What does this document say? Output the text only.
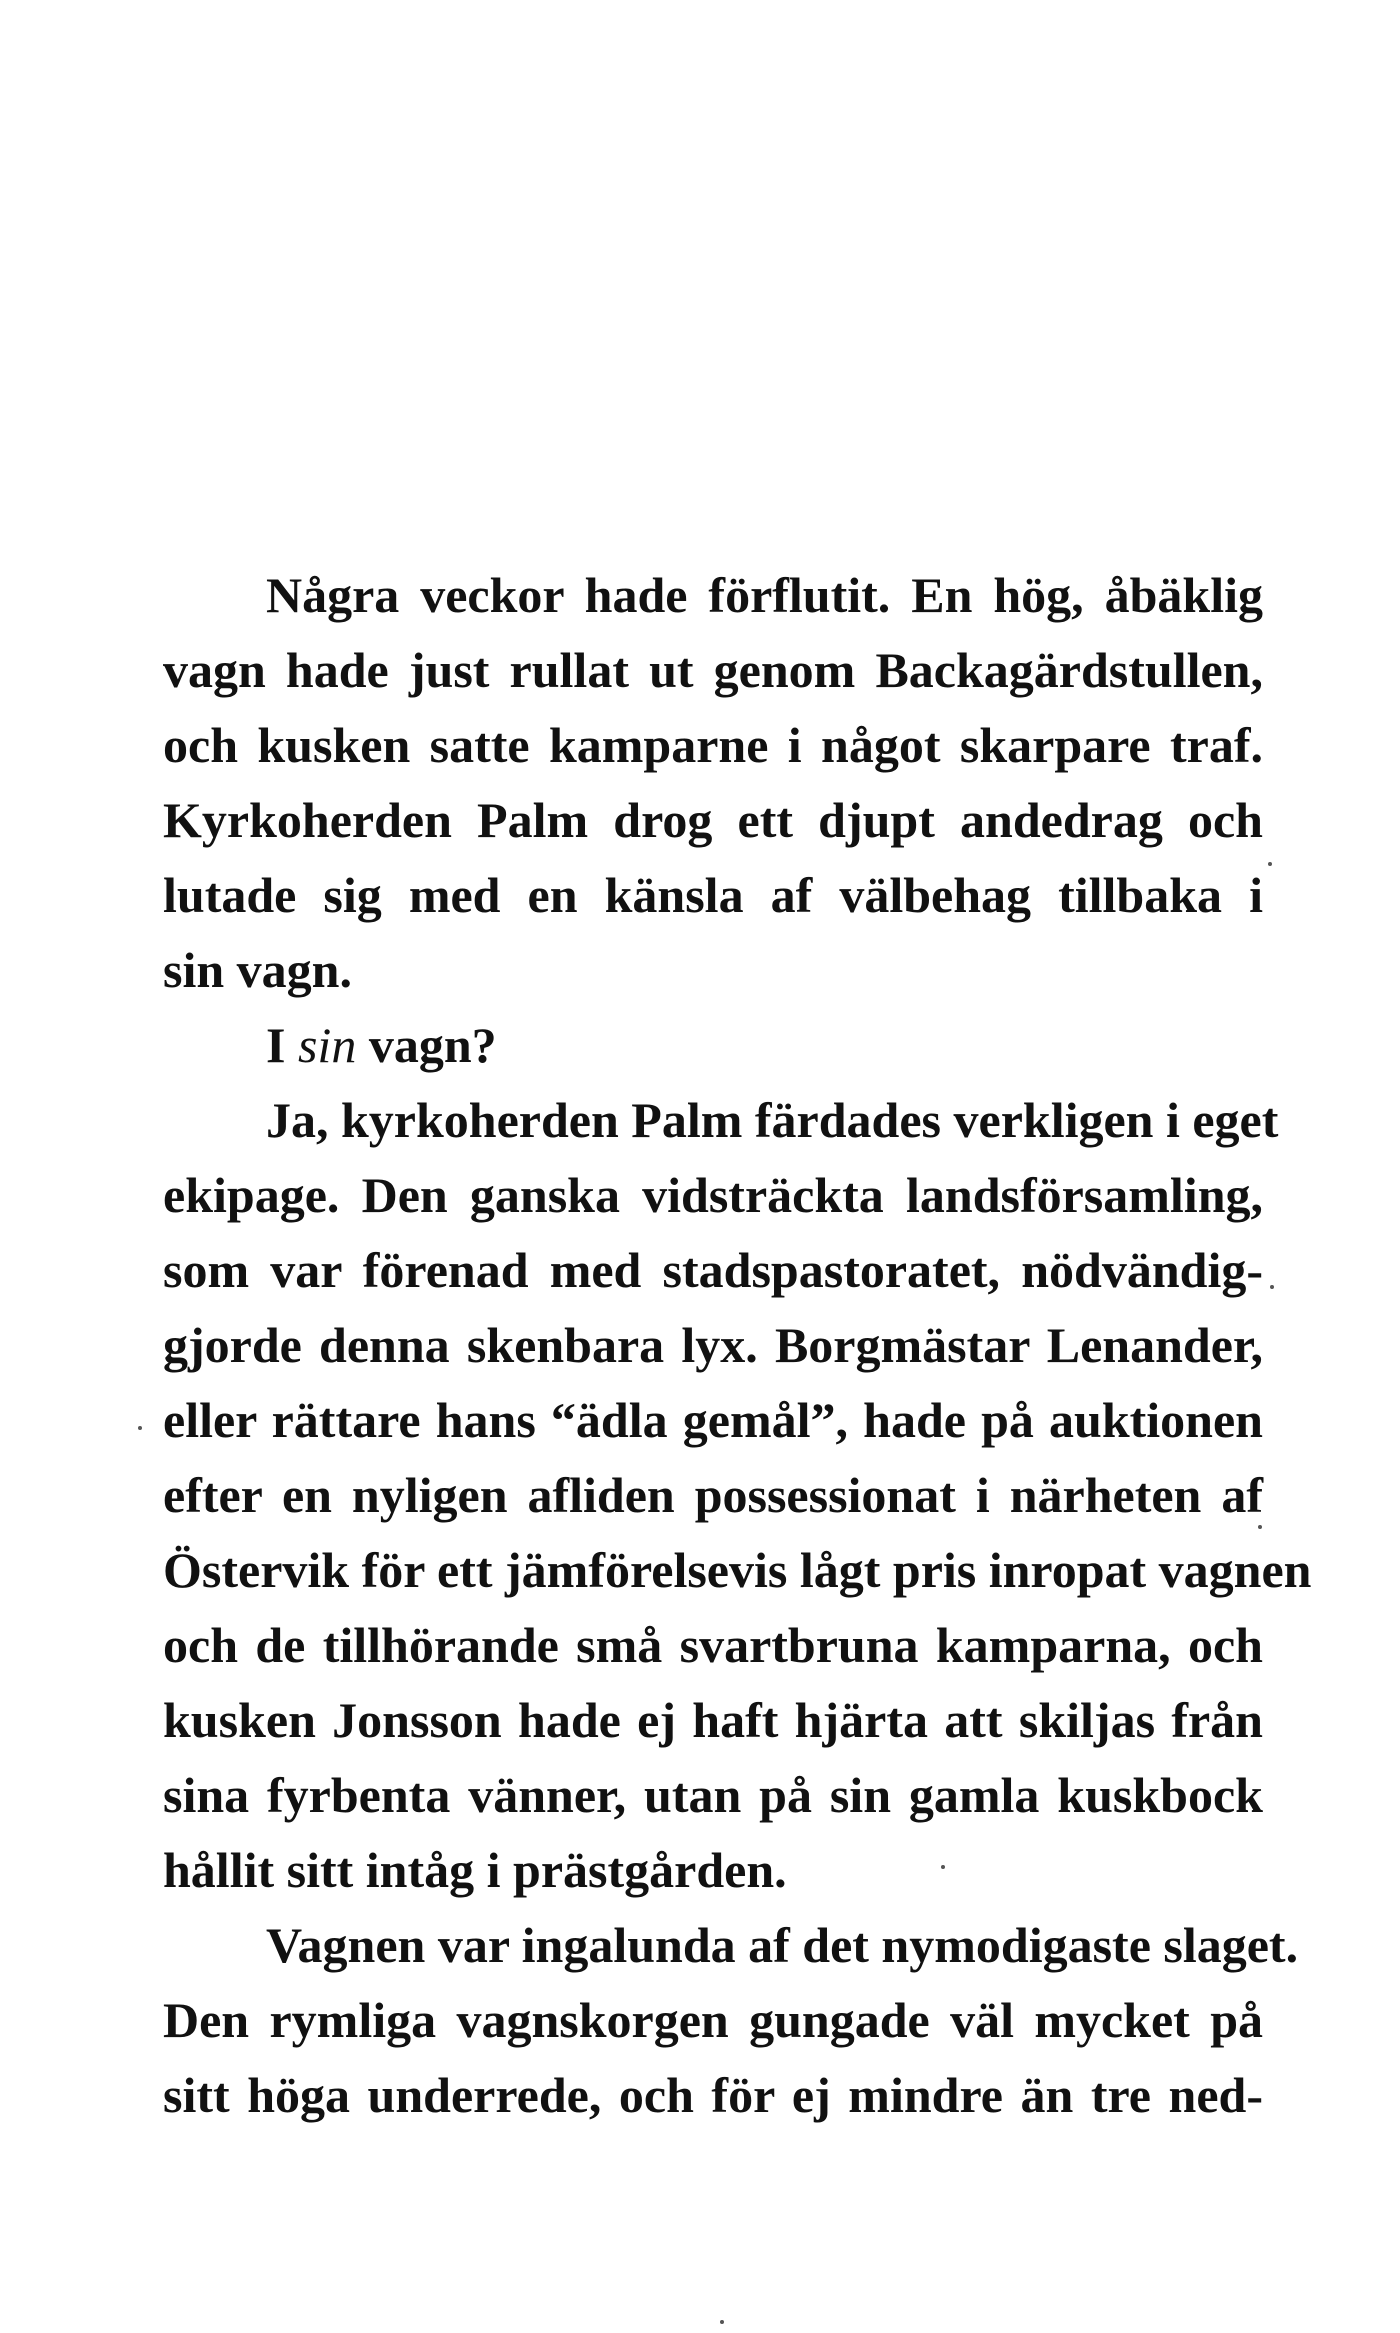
Några veckor hade förflutit. En hög, åbäklig
vagn hade just rullat ut genom Backagärdstullen,
och kusken satte kamparne i något skarpare traf.
Kyrkoherden Palm drog ett djupt andedrag och
lutade sig med en känsla af välbehag tillbaka i
sin vagn.
I sin vagn?
Ja, kyrkoherden Palm färdades verkligen i eget
ekipage. Den ganska vidsträckta landsförsamling,
som var förenad med stadspastoratet, nödvändig-
gjorde denna skenbara lyx. Borgmästar Lenander,
eller rättare hans “ädla gemål”, hade på auktionen
efter en nyligen afliden possessionat i närheten af
Östervik för ett jämförelsevis lågt pris inropat vagnen
och de tillhörande små svartbruna kamparna, och
kusken Jonsson hade ej haft hjärta att skiljas från
sina fyrbenta vänner, utan på sin gamla kuskbock
hållit sitt intåg i prästgården.
Vagnen var ingalunda af det nymodigaste slaget.
Den rymliga vagnskorgen gungade väl mycket på
sitt höga underrede, och för ej mindre än tre ned-
